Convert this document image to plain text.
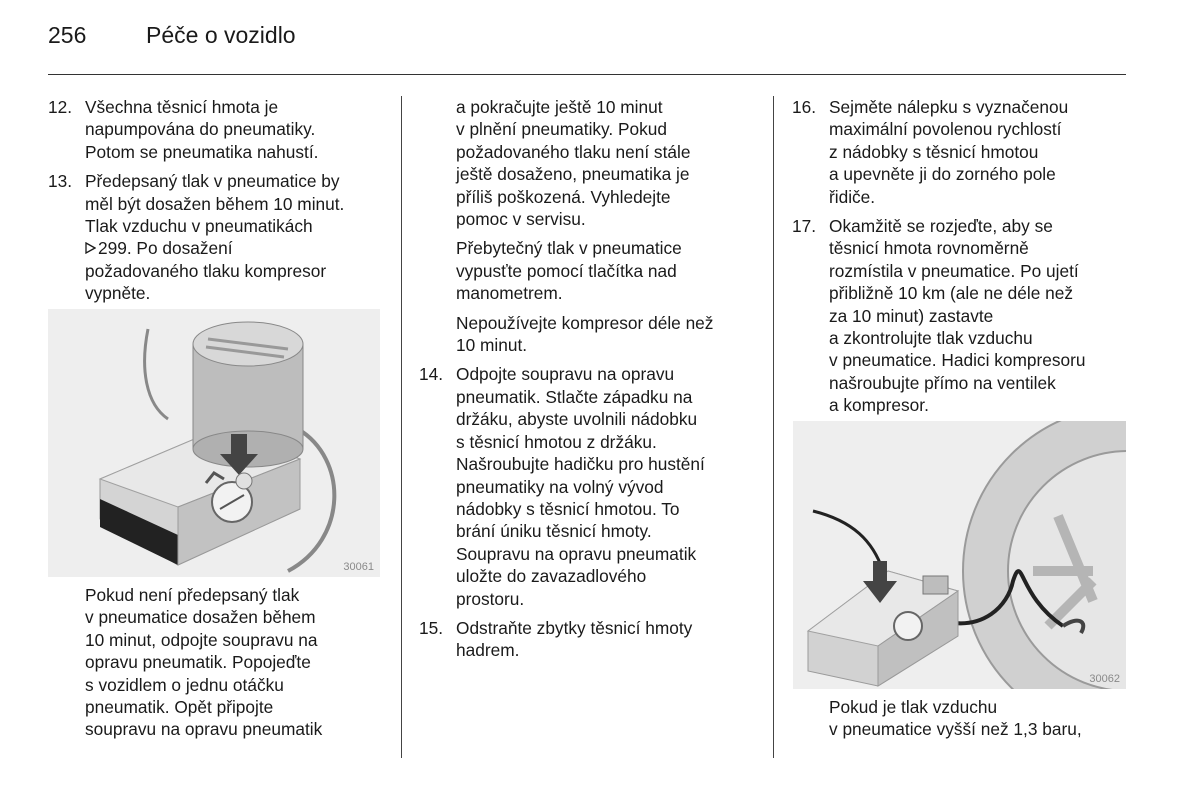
256	Péče o vozidlo
12. Všechna těsnicí hmota je
napumpována do pneumatiky.
Potom se pneumatika nahustí.
13. Předepsaný tlak v pneumatice by
měl být dosažen během 10 minut.
Tlak vzduchu v pneumatikách
299. Po dosažení
požadovaného tlaku kompresor
vypněte.
30061
Pokud není předepsaný tlak
v pneumatice dosažen během
10 minut, odpojte soupravu na
opravu pneumatik. Popojeďte
s vozidlem o jednu otáčku
pneumatik. Opět připojte
soupravu na opravu pneumatik
a pokračujte ještě 10 minut
v plnění pneumatiky. Pokud
požadovaného tlaku není stále
ještě dosaženo, pneumatika je
příliš poškozená. Vyhledejte
pomoc v servisu.
Přebytečný tlak v pneumatice
vypusťte pomocí tlačítka nad
manometrem.
Nepoužívejte kompresor déle než
10 minut.
14. Odpojte soupravu na opravu
pneumatik. Stlačte západku na
držáku, abyste uvolnili nádobku
s těsnicí hmotou z držáku.
Našroubujte hadičku pro hustění
pneumatiky na volný vývod
nádobky s těsnicí hmotou. To
brání úniku těsnicí hmoty.
Soupravu na opravu pneumatik
uložte do zavazadlového
prostoru.
15. Odstraňte zbytky těsnicí hmoty
hadrem.
16. Sejměte nálepku s vyznačenou
maximální povolenou rychlostí
z nádobky s těsnicí hmotou
a upevněte ji do zorného pole
řidiče.
17. Okamžitě se rozjeďte, aby se
těsnicí hmota rovnoměrně
rozmístila v pneumatice. Po ujetí
přibližně 10 km (ale ne déle než
za 10 minut) zastavte
a zkontrolujte tlak vzduchu
v pneumatice. Hadici kompresoru
našroubujte přímo na ventilek
a kompresor.
30062
Pokud je tlak vzduchu
v pneumatice vyšší než 1,3 baru,
